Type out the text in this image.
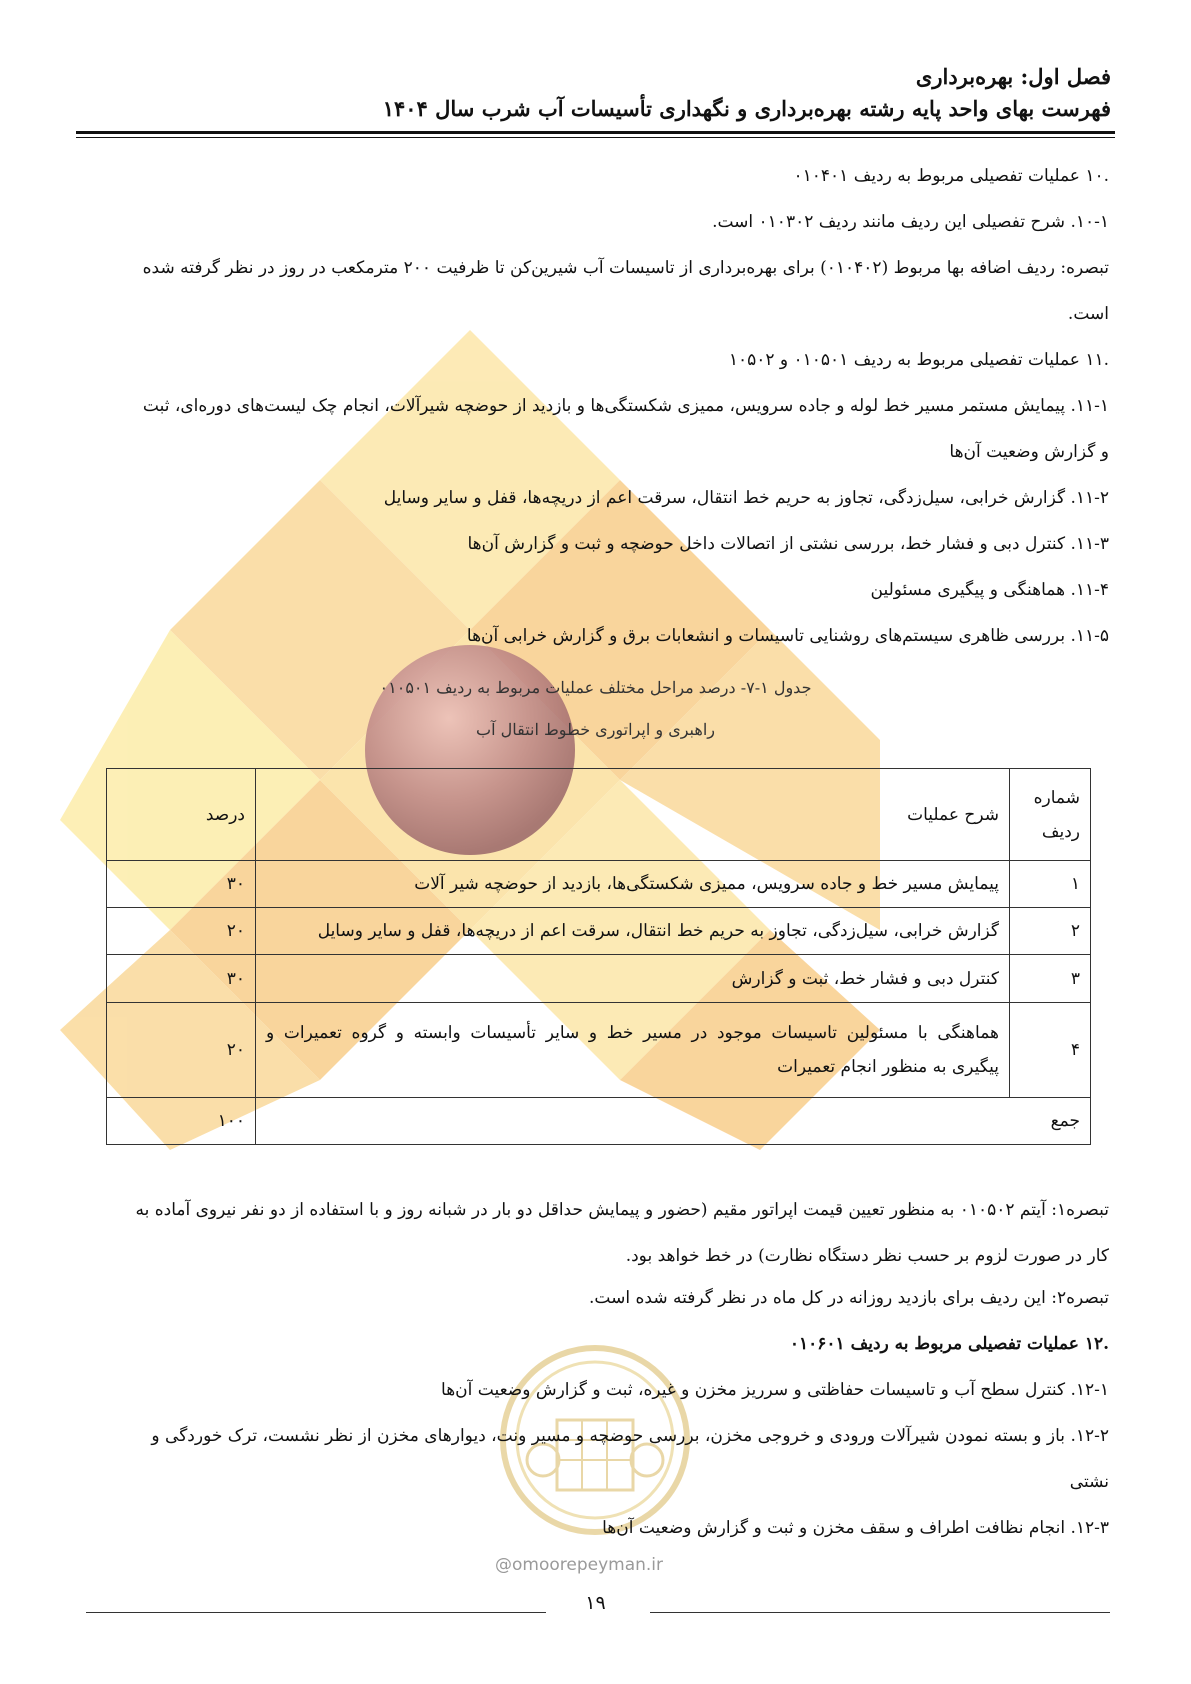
فصل اول: بهره‌برداری
فهرست بهای واحد پایه رشته بهره‌برداری و نگهداری تأسیسات آب شرب سال ۱۴۰۴
.۱۰ عملیات تفصیلی مربوط به ردیف ۰۱۰۴۰۱
۱۰-۱. شرح تفصیلی این ردیف مانند ردیف ۰۱۰۳۰۲ است.
تبصره: ردیف اضافه بها مربوط (۰۱۰۴۰۲) برای بهره‌برداری از تاسیسات آب شیرین‌کن تا ظرفیت ۲۰۰ مترمکعب در روز در نظر گرفته شده
است.
.۱۱ عملیات تفصیلی مربوط به ردیف ۰۱۰۵۰۱ و ۱۰۵۰۲
۱۱-۱. پیمایش مستمر مسیر خط لوله و جاده سرویس، ممیزی شکستگی‌ها و بازدید از حوضچه شیرآلات، انجام چک لیست‌های دوره‌ای، ثبت
و گزارش وضعیت آن‌ها
۱۱-۲. گزارش خرابی، سیل‌زدگی، تجاوز به حریم خط انتقال، سرقت اعم از دریچه‌ها، قفل و سایر وسایل
۱۱-۳. کنترل دبی و فشار خط، بررسی نشتی از اتصالات داخل حوضچه و ثبت و گزارش آن‌ها
۱۱-۴. هماهنگی و پیگیری مسئولین
۱۱-۵. بررسی ظاهری سیستم‌های روشنایی تاسیسات و انشعابات برق و گزارش خرابی آن‌ها
جدول ۱-۷- درصد مراحل مختلف عملیات مربوط به ردیف ۰۱۰۵۰۱
راهبری و اپراتوری خطوط انتقال آب
شماره
ردیف	شرح عملیات	درصد
۱	پیمایش مسیر خط و جاده سرویس، ممیزی شکستگی‌ها، بازدید از حوضچه شیر آلات	۳۰
۲	گزارش خرابی، سیل‌زدگی، تجاوز به حریم خط انتقال، سرقت اعم از دریچه‌ها، قفل و سایر وسایل	۲۰
۳	کنترل دبی و فشار خط، ثبت و گزارش	۳۰
۴	هماهنگی با مسئولین تاسیسات موجود در مسیر خط و سایر تأسیسات وابسته و گروه تعمیرات و
پیگیری به منظور انجام تعمیرات	۲۰
جمع		۱۰۰
تبصره۱: آیتم ۰۱۰۵۰۲ به منظور تعیین قیمت اپراتور مقیم (حضور و پیمایش حداقل دو بار در شبانه روز و با استفاده از دو نفر نیروی آماده به
کار در صورت لزوم بر حسب نظر دستگاه نظارت) در خط خواهد بود.
تبصره۲: این ردیف برای بازدید روزانه در کل ماه در نظر گرفته شده است.
.۱۲ عملیات تفصیلی مربوط به ردیف ۰۱۰۶۰۱
۱۲-۱. کنترل سطح آب و تاسیسات حفاظتی و سرریز مخزن و غیره، ثبت و گزارش وضعیت آن‌ها
۱۲-۲. باز و بسته نمودن شیرآلات ورودی و خروجی مخزن، بررسی حوضچه و مسیر ونت، دیوارهای مخزن از نظر نشست، ترک خوردگی و
نشتی
۱۲-۳. انجام نظافت اطراف و سقف مخزن و ثبت و گزارش وضعیت آن‌ها
@omoorepeyman.ir
۱۹
